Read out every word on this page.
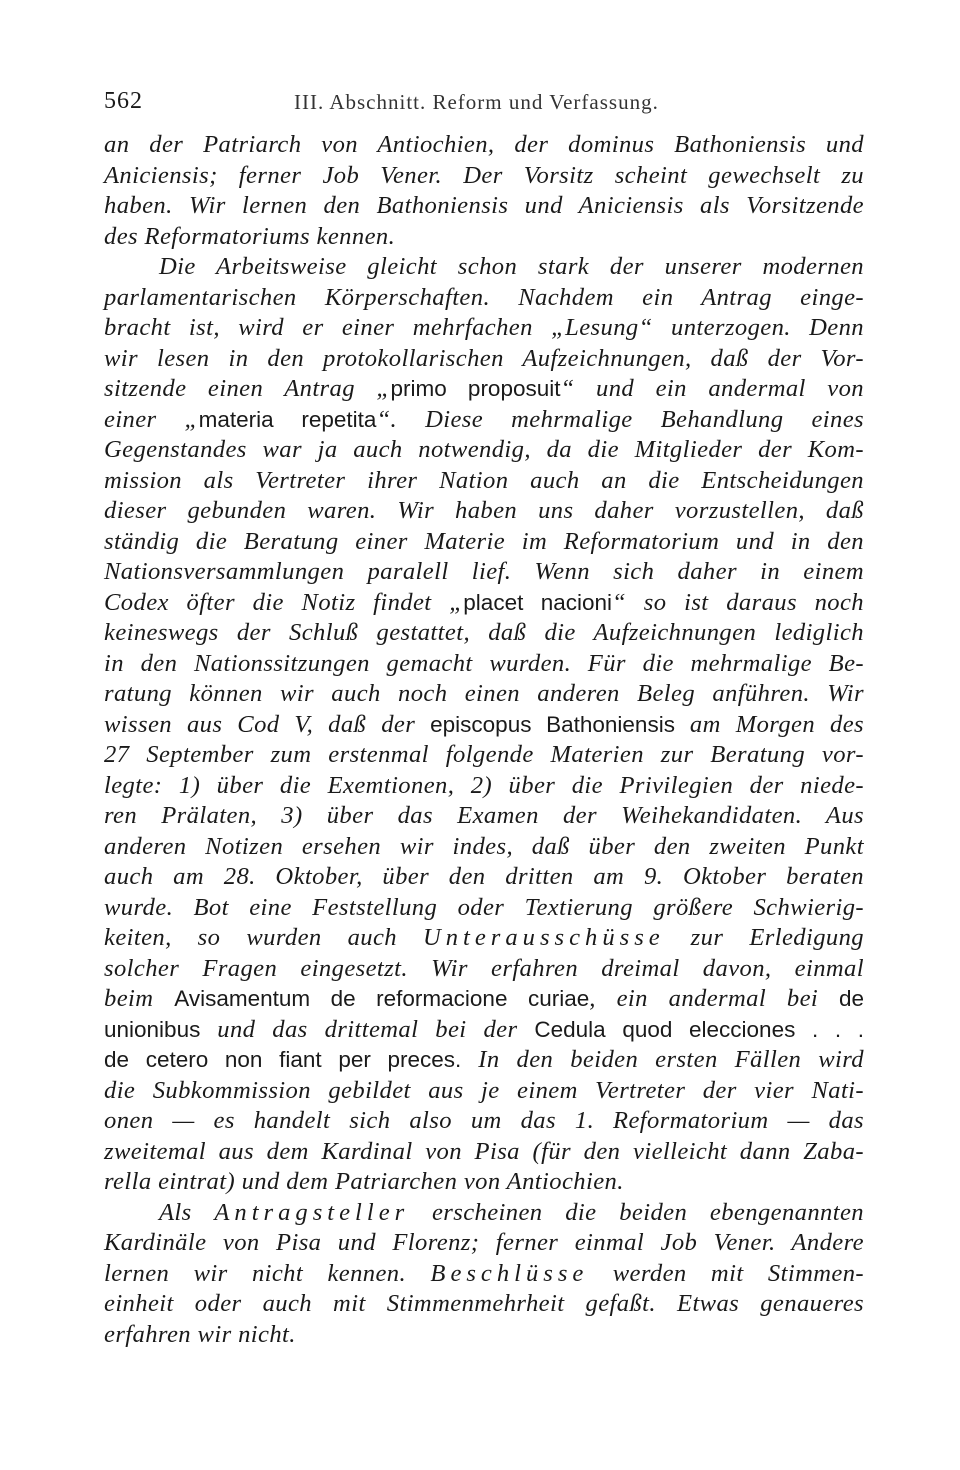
562	III. Abschnitt. Reform und Verfassung.
an der Patriarch von Antiochien, der dominus Bathoniensis und
Aniciensis; ferner Job Vener. Der Vorsitz scheint gewechselt zu
haben. Wir lernen den Bathoniensis und Aniciensis als Vorsitzende
des Reformatoriums kennen.
Die Arbeitsweise gleicht schon stark der unserer modernen
parlamentarischen Körperschaften. Nachdem ein Antrag einge-
bracht ist, wird er einer mehrfachen „Lesung“ unterzogen. Denn
wir lesen in den protokollarischen Aufzeichnungen, daß der Vor-
sitzende einen Antrag „primo proposuit“ und ein andermal von
einer „materia repetita“. Diese mehrmalige Behandlung eines
Gegenstandes war ja auch notwendig, da die Mitglieder der Kom-
mission als Vertreter ihrer Nation auch an die Entscheidungen
dieser gebunden waren. Wir haben uns daher vorzustellen, daß
ständig die Beratung einer Materie im Reformatorium und in den
Nationsversammlungen paralell lief. Wenn sich daher in einem
Codex öfter die Notiz findet „placet nacioni“ so ist daraus noch
keineswegs der Schluß gestattet, daß die Aufzeichnungen lediglich
in den Nationssitzungen gemacht wurden. Für die mehrmalige Be-
ratung können wir auch noch einen anderen Beleg anführen. Wir
wissen aus Cod V, daß der episcopus Bathoniensis am Morgen des
27 September zum erstenmal folgende Materien zur Beratung vor-
legte: 1) über die Exemtionen, 2) über die Privilegien der niede-
ren Prälaten, 3) über das Examen der Weihekandidaten. Aus
anderen Notizen ersehen wir indes, daß über den zweiten Punkt
auch am 28. Oktober, über den dritten am 9. Oktober beraten
wurde. Bot eine Feststellung oder Textierung größere Schwierig-
keiten, so wurden auch Unterausschüsse zur Erledigung
solcher Fragen eingesetzt. Wir erfahren dreimal davon, einmal
beim Avisamentum de reformacione curiae, ein andermal bei de
unionibus und das drittemal bei der Cedula quod elecciones . . .
de cetero non fiant per preces. In den beiden ersten Fällen wird
die Subkommission gebildet aus je einem Vertreter der vier Nati-
onen — es handelt sich also um das 1. Reformatorium — das
zweitemal aus dem Kardinal von Pisa (für den vielleicht dann Zaba-
rella eintrat) und dem Patriarchen von Antiochien.
Als Antragsteller erscheinen die beiden ebengenannten
Kardinäle von Pisa und Florenz; ferner einmal Job Vener. Andere
lernen wir nicht kennen. Beschlüsse werden mit Stimmen-
einheit oder auch mit Stimmenmehrheit gefaßt. Etwas genaueres
erfahren wir nicht.
